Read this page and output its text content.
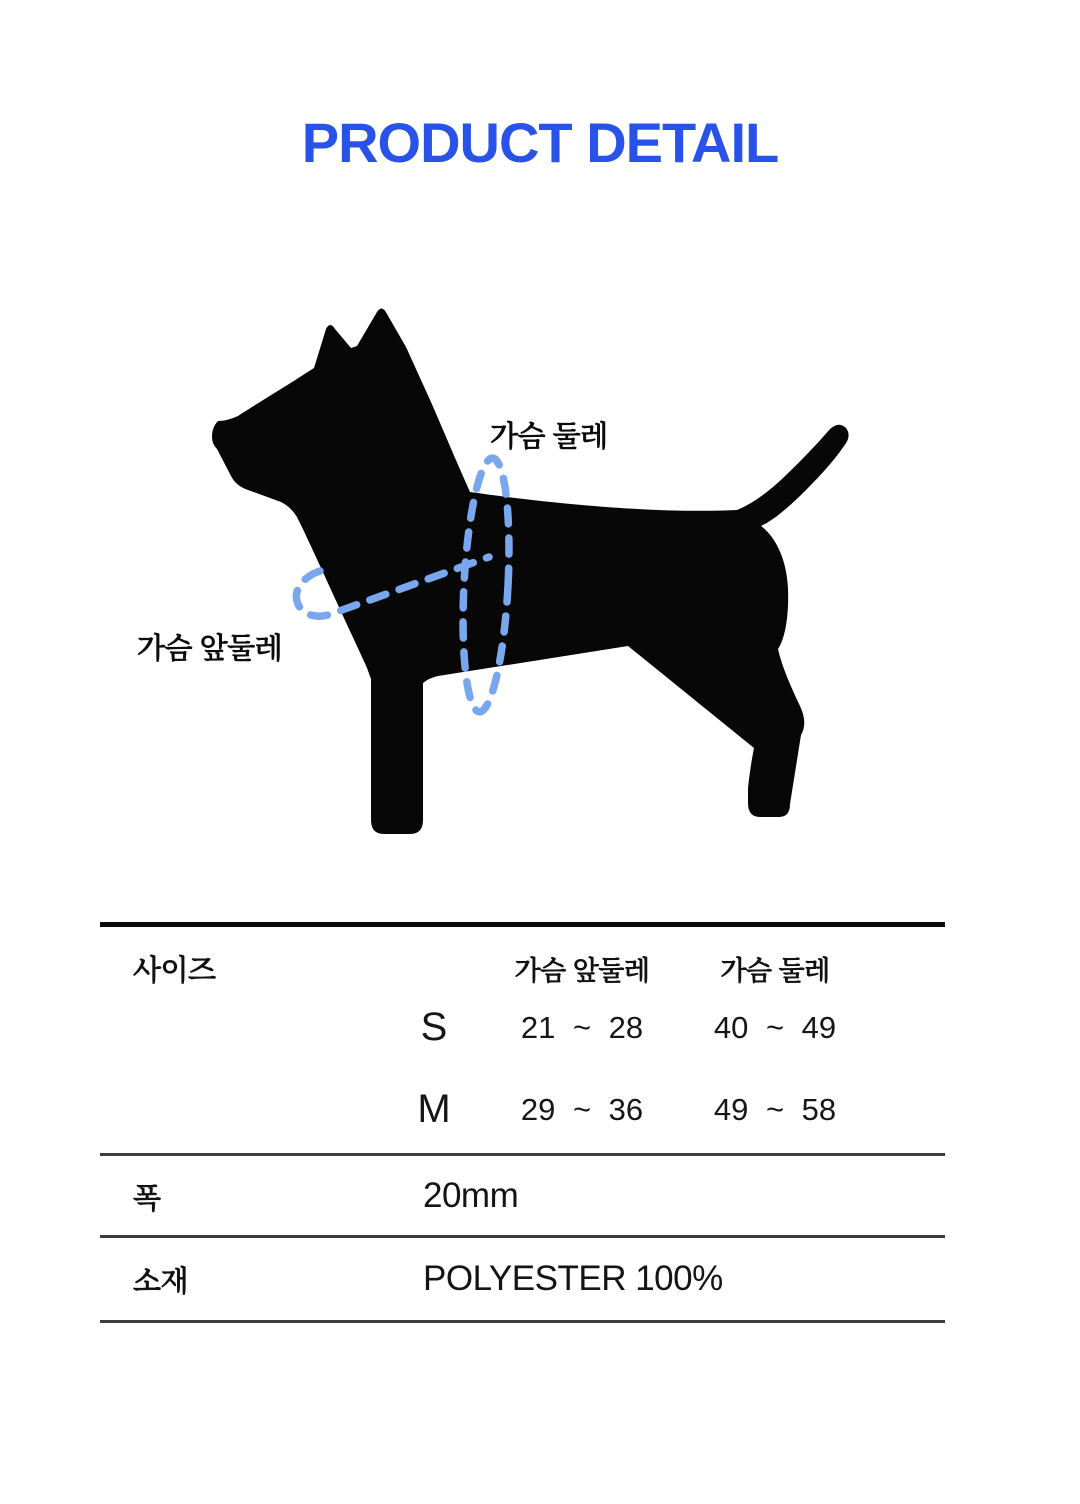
PRODUCT DETAIL
가슴 둘레
가슴 앞둘레
사이즈	가슴 앞둘레	가슴 둘레
S	21 ~ 28	40 ~ 49
M	29 ~ 36	49 ~ 58
폭	20mm
소재	POLYESTER 100%
